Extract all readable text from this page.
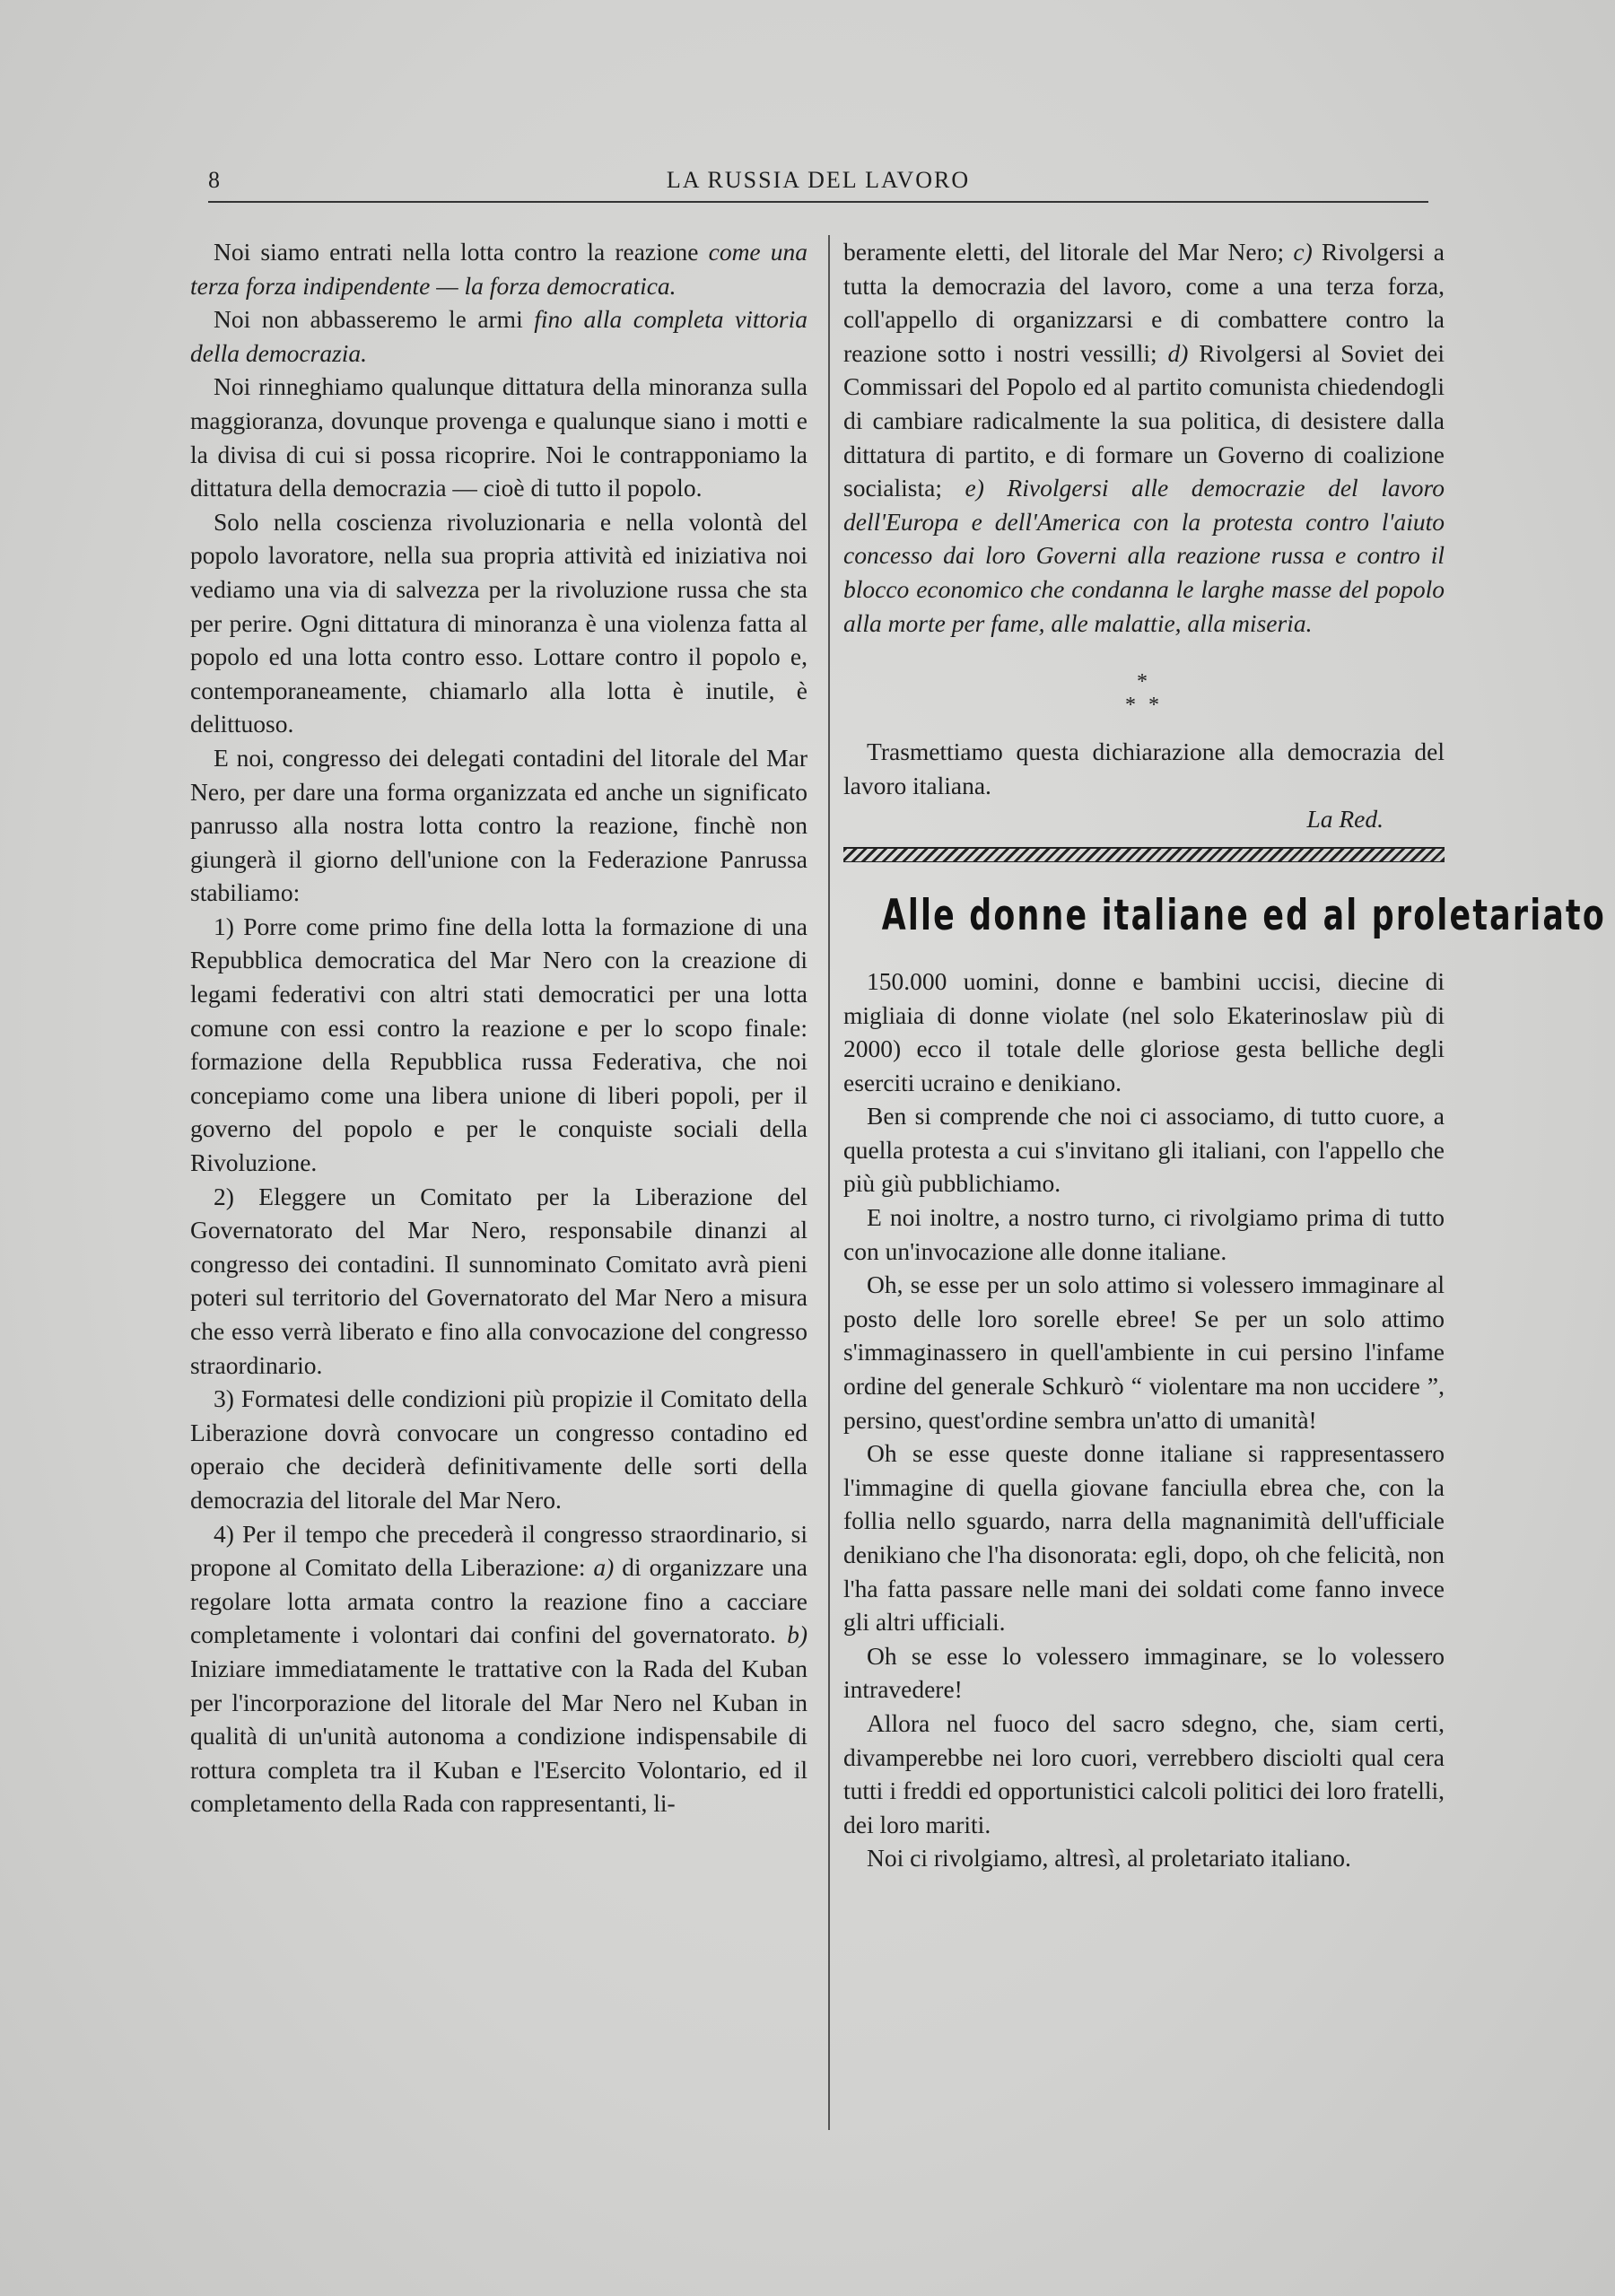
8	LA RUSSIA DEL LAVORO

Noi siamo entrati nella lotta contro la reazione come una terza forza indipendente — la forza democratica.

Noi non abbasseremo le armi fino alla completa vittoria della democrazia.

Noi rinneghiamo qualunque dittatura della minoranza sulla maggioranza, dovunque provenga e qualunque siano i motti e la divisa di cui si possa ricoprire. Noi le contrapponiamo la dittatura della democrazia — cioè di tutto il popolo.

Solo nella coscienza rivoluzionaria e nella volontà del popolo lavoratore, nella sua propria attività ed iniziativa noi vediamo una via di salvezza per la rivoluzione russa che sta per perire. Ogni dittatura di minoranza è una violenza fatta al popolo ed una lotta contro esso. Lottare contro il popolo e, contemporaneamente, chiamarlo alla lotta è inutile, è delittuoso.

E noi, congresso dei delegati contadini del litorale del Mar Nero, per dare una forma organizzata ed anche un significato panrusso alla nostra lotta contro la reazione, finchè non giungerà il giorno dell'unione con la Federazione Panrussa stabiliamo:

1) Porre come primo fine della lotta la formazione di una Repubblica democratica del Mar Nero con la creazione di legami federativi con altri stati democratici per una lotta comune con essi contro la reazione e per lo scopo finale: formazione della Repubblica russa Federativa, che noi concepiamo come una libera unione di liberi popoli, per il governo del popolo e per le conquiste sociali della Rivoluzione.

2) Eleggere un Comitato per la Liberazione del Governatorato del Mar Nero, responsabile dinanzi al congresso dei contadini. Il sunnominato Comitato avrà pieni poteri sul territorio del Governatorato del Mar Nero a misura che esso verrà liberato e fino alla convocazione del congresso straordinario.

3) Formatesi delle condizioni più propizie il Comitato della Liberazione dovrà convocare un congresso contadino ed operaio che deciderà definitivamente delle sorti della democrazia del litorale del Mar Nero.

4) Per il tempo che precederà il congresso straordinario, si propone al Comitato della Liberazione: a) di organizzare una regolare lotta armata contro la reazione fino a cacciare completamente i volontari dai confini del governatorato. b) Iniziare immediatamente le trattative con la Rada del Kuban per l'incorporazione del litorale del Mar Nero nel Kuban in qualità di un'unità autonoma a condizione indispensabile di rottura completa tra il Kuban e l'Esercito Volontario, ed il completamento della Rada con rappresentanti, li-

beramente eletti, del litorale del Mar Nero; c) Rivolgersi a tutta la democrazia del lavoro, come a una terza forza, coll'appello di organizzarsi e di combattere contro la reazione sotto i nostri vessilli; d) Rivolgersi al Soviet dei Commissari del Popolo ed al partito comunista chiedendogli di cambiare radicalmente la sua politica, di desistere dalla dittatura di partito, e di formare un Governo di coalizione socialista; e) Rivolgersi alle democrazie del lavoro dell'Europa e dell'America con la protesta contro l'aiuto concesso dai loro Governi alla reazione russa e contro il blocco economico che condanna le larghe masse del popolo alla morte per fame, alle malattie, alla miseria.

*
* *

Trasmettiamo questa dichiarazione alla democrazia del lavoro italiana.

La Red.
Alle donne italiane ed al proletariato

150.000 uomini, donne e bambini uccisi, diecine di migliaia di donne violate (nel solo Ekaterinoslaw più di 2000) ecco il totale delle gloriose gesta belliche degli eserciti ucraino e denikiano.

Ben si comprende che noi ci associamo, di tutto cuore, a quella protesta a cui s'invitano gli italiani, con l'appello che più giù pubblichiamo.

E noi inoltre, a nostro turno, ci rivolgiamo prima di tutto con un'invocazione alle donne italiane.

Oh, se esse per un solo attimo si volessero immaginare al posto delle loro sorelle ebree! Se per un solo attimo s'immaginassero in quell'ambiente in cui persino l'infame ordine del generale Schkurò “ violentare ma non uccidere ”, persino, quest'ordine sembra un'atto di umanità!

Oh se esse queste donne italiane si rappresentassero l'immagine di quella giovane fanciulla ebrea che, con la follia nello sguardo, narra della magnanimità dell'ufficiale denikiano che l'ha disonorata: egli, dopo, oh che felicità, non l'ha fatta passare nelle mani dei soldati come fanno invece gli altri ufficiali.

Oh se esse lo volessero immaginare, se lo volessero intravedere!

Allora nel fuoco del sacro sdegno, che, siam certi, divamperebbe nei loro cuori, verrebbero disciolti qual cera tutti i freddi ed opportunistici calcoli politici dei loro fratelli, dei loro mariti.

Noi ci rivolgiamo, altresì, al proletariato italiano.
